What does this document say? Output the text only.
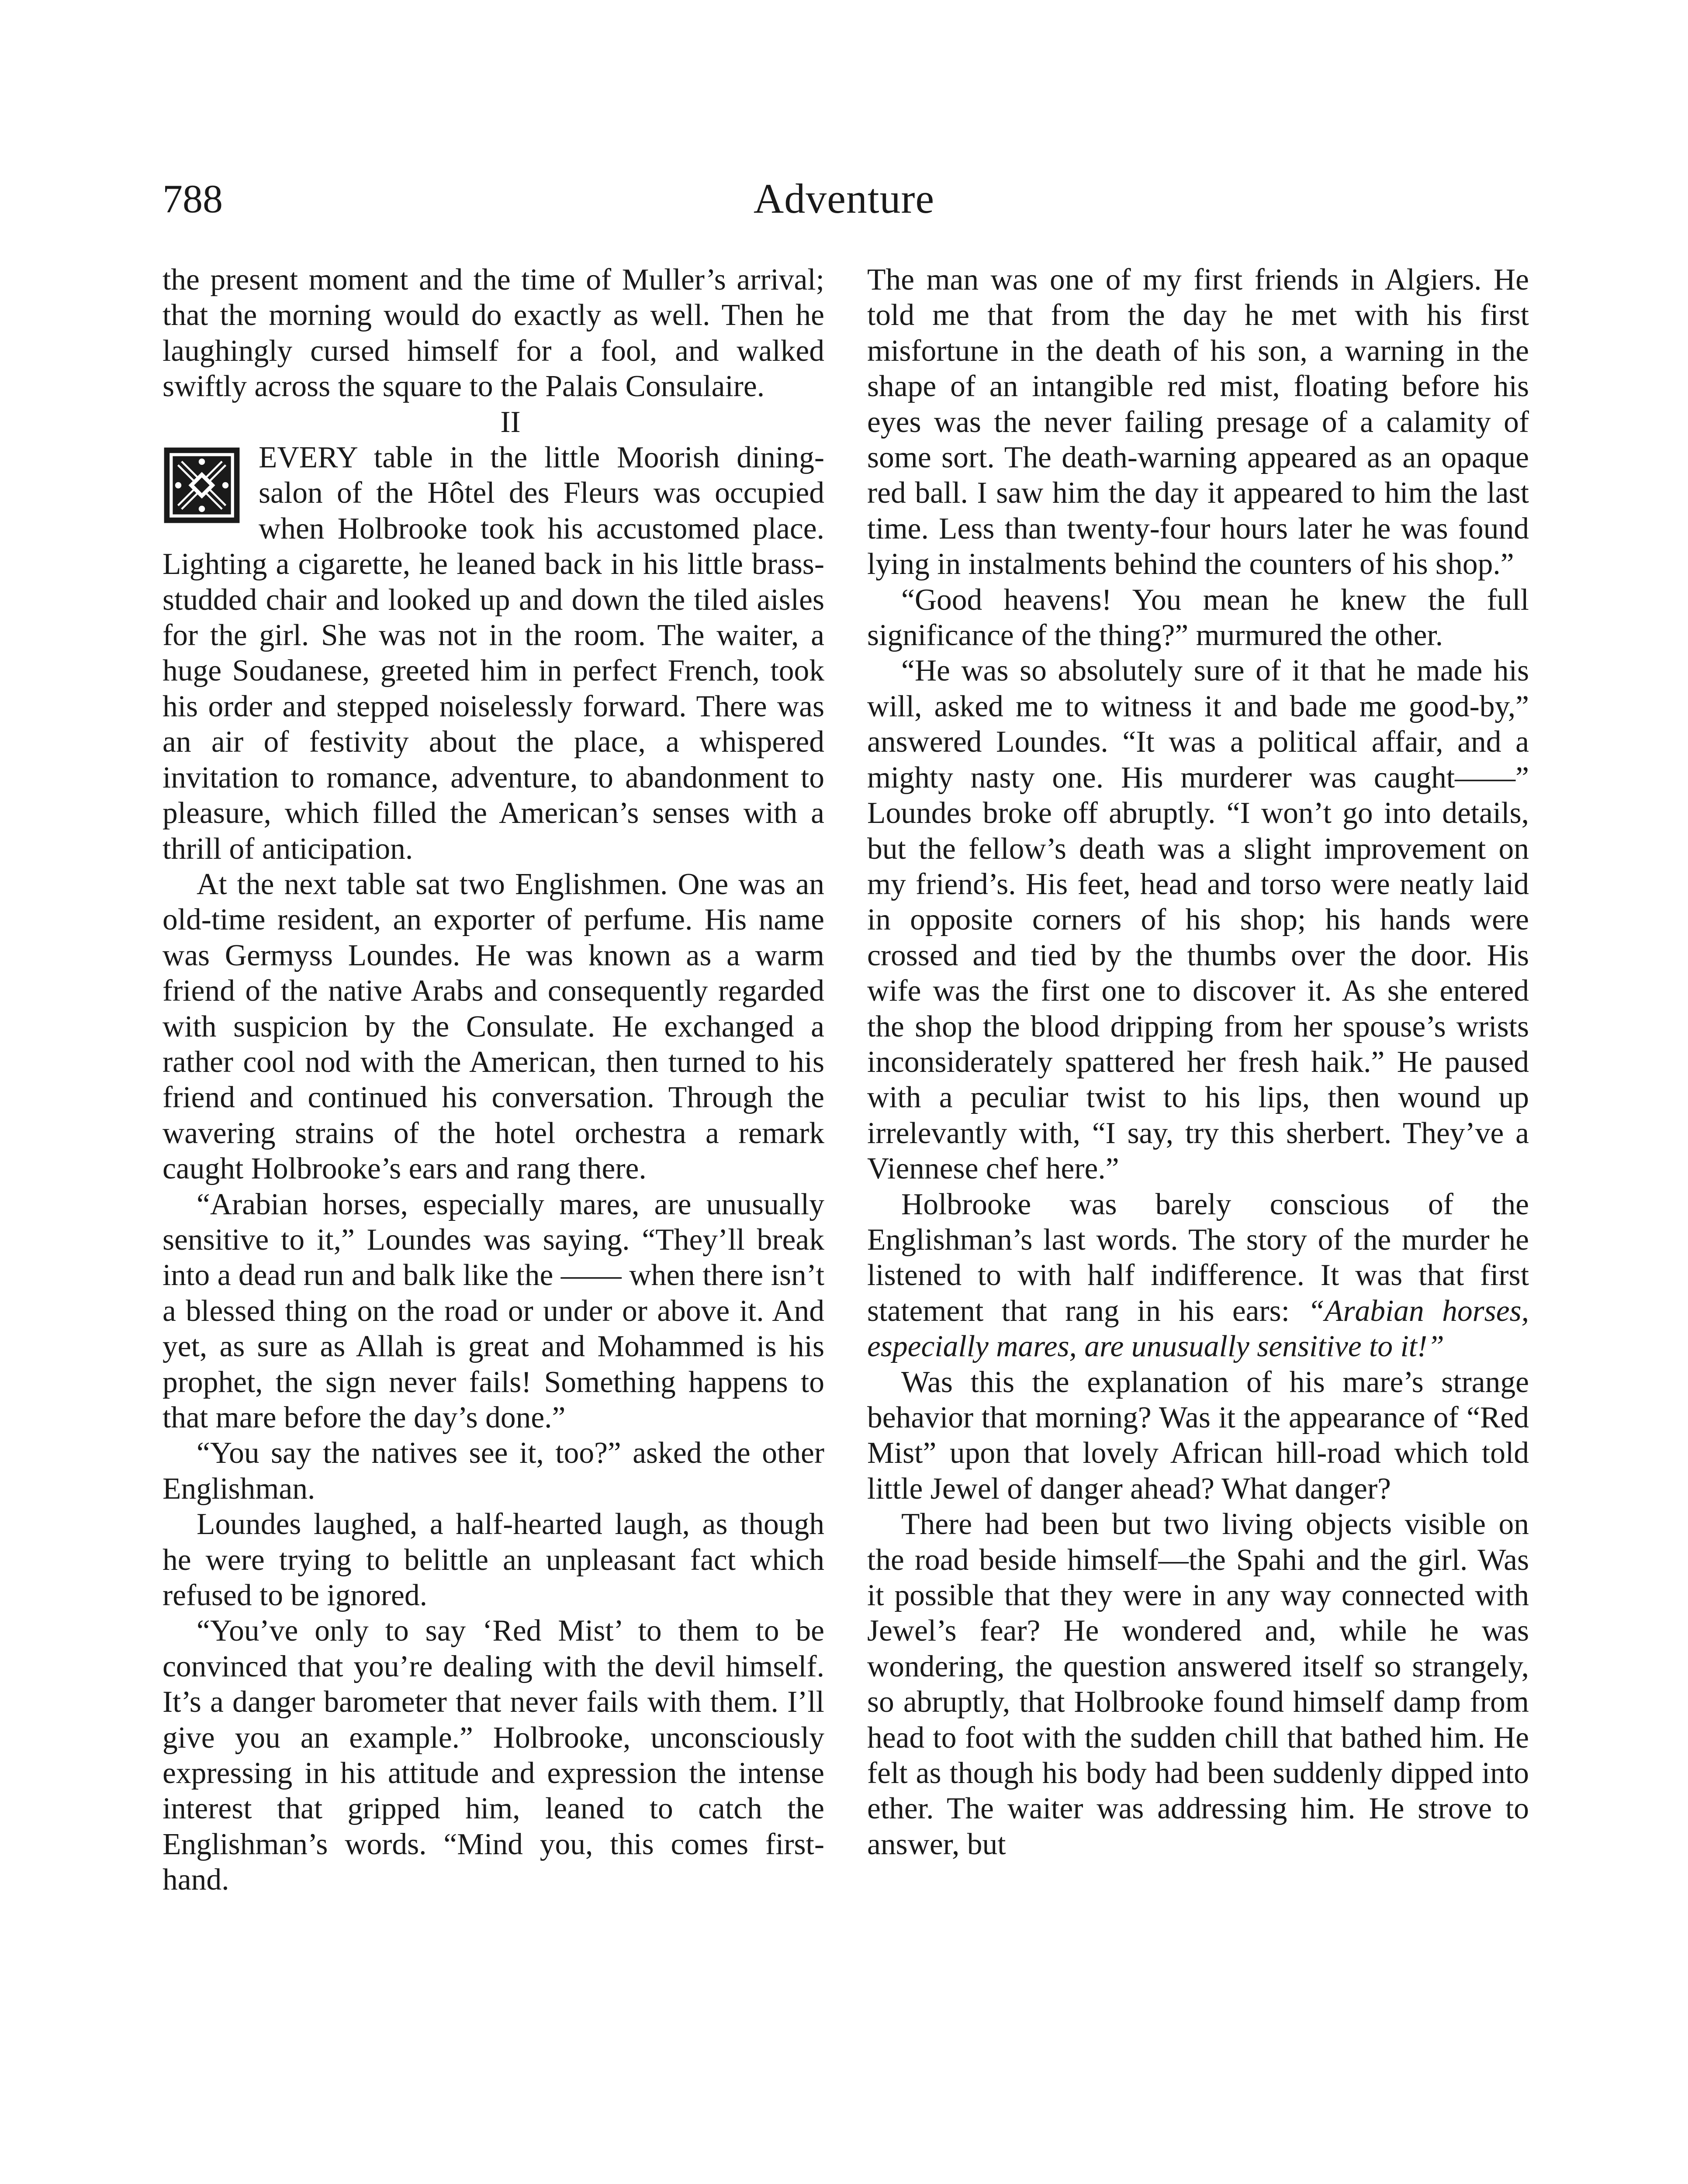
788	Adventure

the present moment and the time of Muller’s arrival; that the morning would do exactly as well. Then he laughingly cursed himself for a fool, and walked swiftly across the square to the Palais Consulaire.

II

EVERY table in the little Moorish dining-salon of the Hôtel des Fleurs was occupied when Holbrooke took his accustomed place. Lighting a cigarette, he leaned back in his little brass-studded chair and looked up and down the tiled aisles for the girl. She was not in the room. The waiter, a huge Soudanese, greeted him in perfect French, took his order and stepped noiselessly forward. There was an air of festivity about the place, a whispered invitation to romance, adventure, to abandonment to pleasure, which filled the American’s senses with a thrill of anticipation.

At the next table sat two Englishmen. One was an old-time resident, an exporter of perfume. His name was Germyss Loundes. He was known as a warm friend of the native Arabs and consequently regarded with suspicion by the Consulate. He exchanged a rather cool nod with the American, then turned to his friend and continued his conversation. Through the wavering strains of the hotel orchestra a remark caught Holbrooke’s ears and rang there.

“Arabian horses, especially mares, are unusually sensitive to it,” Loundes was saying. “They’ll break into a dead run and balk like the —— when there isn’t a blessed thing on the road or under or above it. And yet, as sure as Allah is great and Mohammed is his prophet, the sign never fails! Something happens to that mare before the day’s done.”

“You say the natives see it, too?” asked the other Englishman.

Loundes laughed, a half-hearted laugh, as though he were trying to belittle an unpleasant fact which refused to be ignored.

“You’ve only to say ‘Red Mist’ to them to be convinced that you’re dealing with the devil himself. It’s a danger barometer that never fails with them. I’ll give you an example.” Holbrooke, unconsciously expressing in his attitude and expression the intense interest that gripped him, leaned to catch the Englishman’s words. “Mind you, this comes first-hand.

The man was one of my first friends in Algiers. He told me that from the day he met with his first misfortune in the death of his son, a warning in the shape of an intangible red mist, floating before his eyes was the never failing presage of a calamity of some sort. The death-warning appeared as an opaque red ball. I saw him the day it appeared to him the last time. Less than twenty-four hours later he was found lying in instalments behind the counters of his shop.”

“Good heavens! You mean he knew the full significance of the thing?” murmured the other.

“He was so absolutely sure of it that he made his will, asked me to witness it and bade me good-by,” answered Loundes. “It was a political affair, and a mighty nasty one. His murderer was caught——” Loundes broke off abruptly. “I won’t go into details, but the fellow’s death was a slight improvement on my friend’s. His feet, head and torso were neatly laid in opposite corners of his shop; his hands were crossed and tied by the thumbs over the door. His wife was the first one to discover it. As she entered the shop the blood dripping from her spouse’s wrists inconsiderately spattered her fresh haik.” He paused with a peculiar twist to his lips, then wound up irrelevantly with, “I say, try this sherbert. They’ve a Viennese chef here.”

Holbrooke was barely conscious of the Englishman’s last words. The story of the murder he listened to with half indifference. It was that first statement that rang in his ears: “Arabian horses, especially mares, are unusually sensitive to it!”

Was this the explanation of his mare’s strange behavior that morning? Was it the appearance of “Red Mist” upon that lovely African hill-road which told little Jewel of danger ahead? What danger?

There had been but two living objects visible on the road beside himself—the Spahi and the girl. Was it possible that they were in any way connected with Jewel’s fear? He wondered and, while he was wondering, the question answered itself so strangely, so abruptly, that Holbrooke found himself damp from head to foot with the sudden chill that bathed him. He felt as though his body had been suddenly dipped into ether. The waiter was addressing him. He strove to answer, but
